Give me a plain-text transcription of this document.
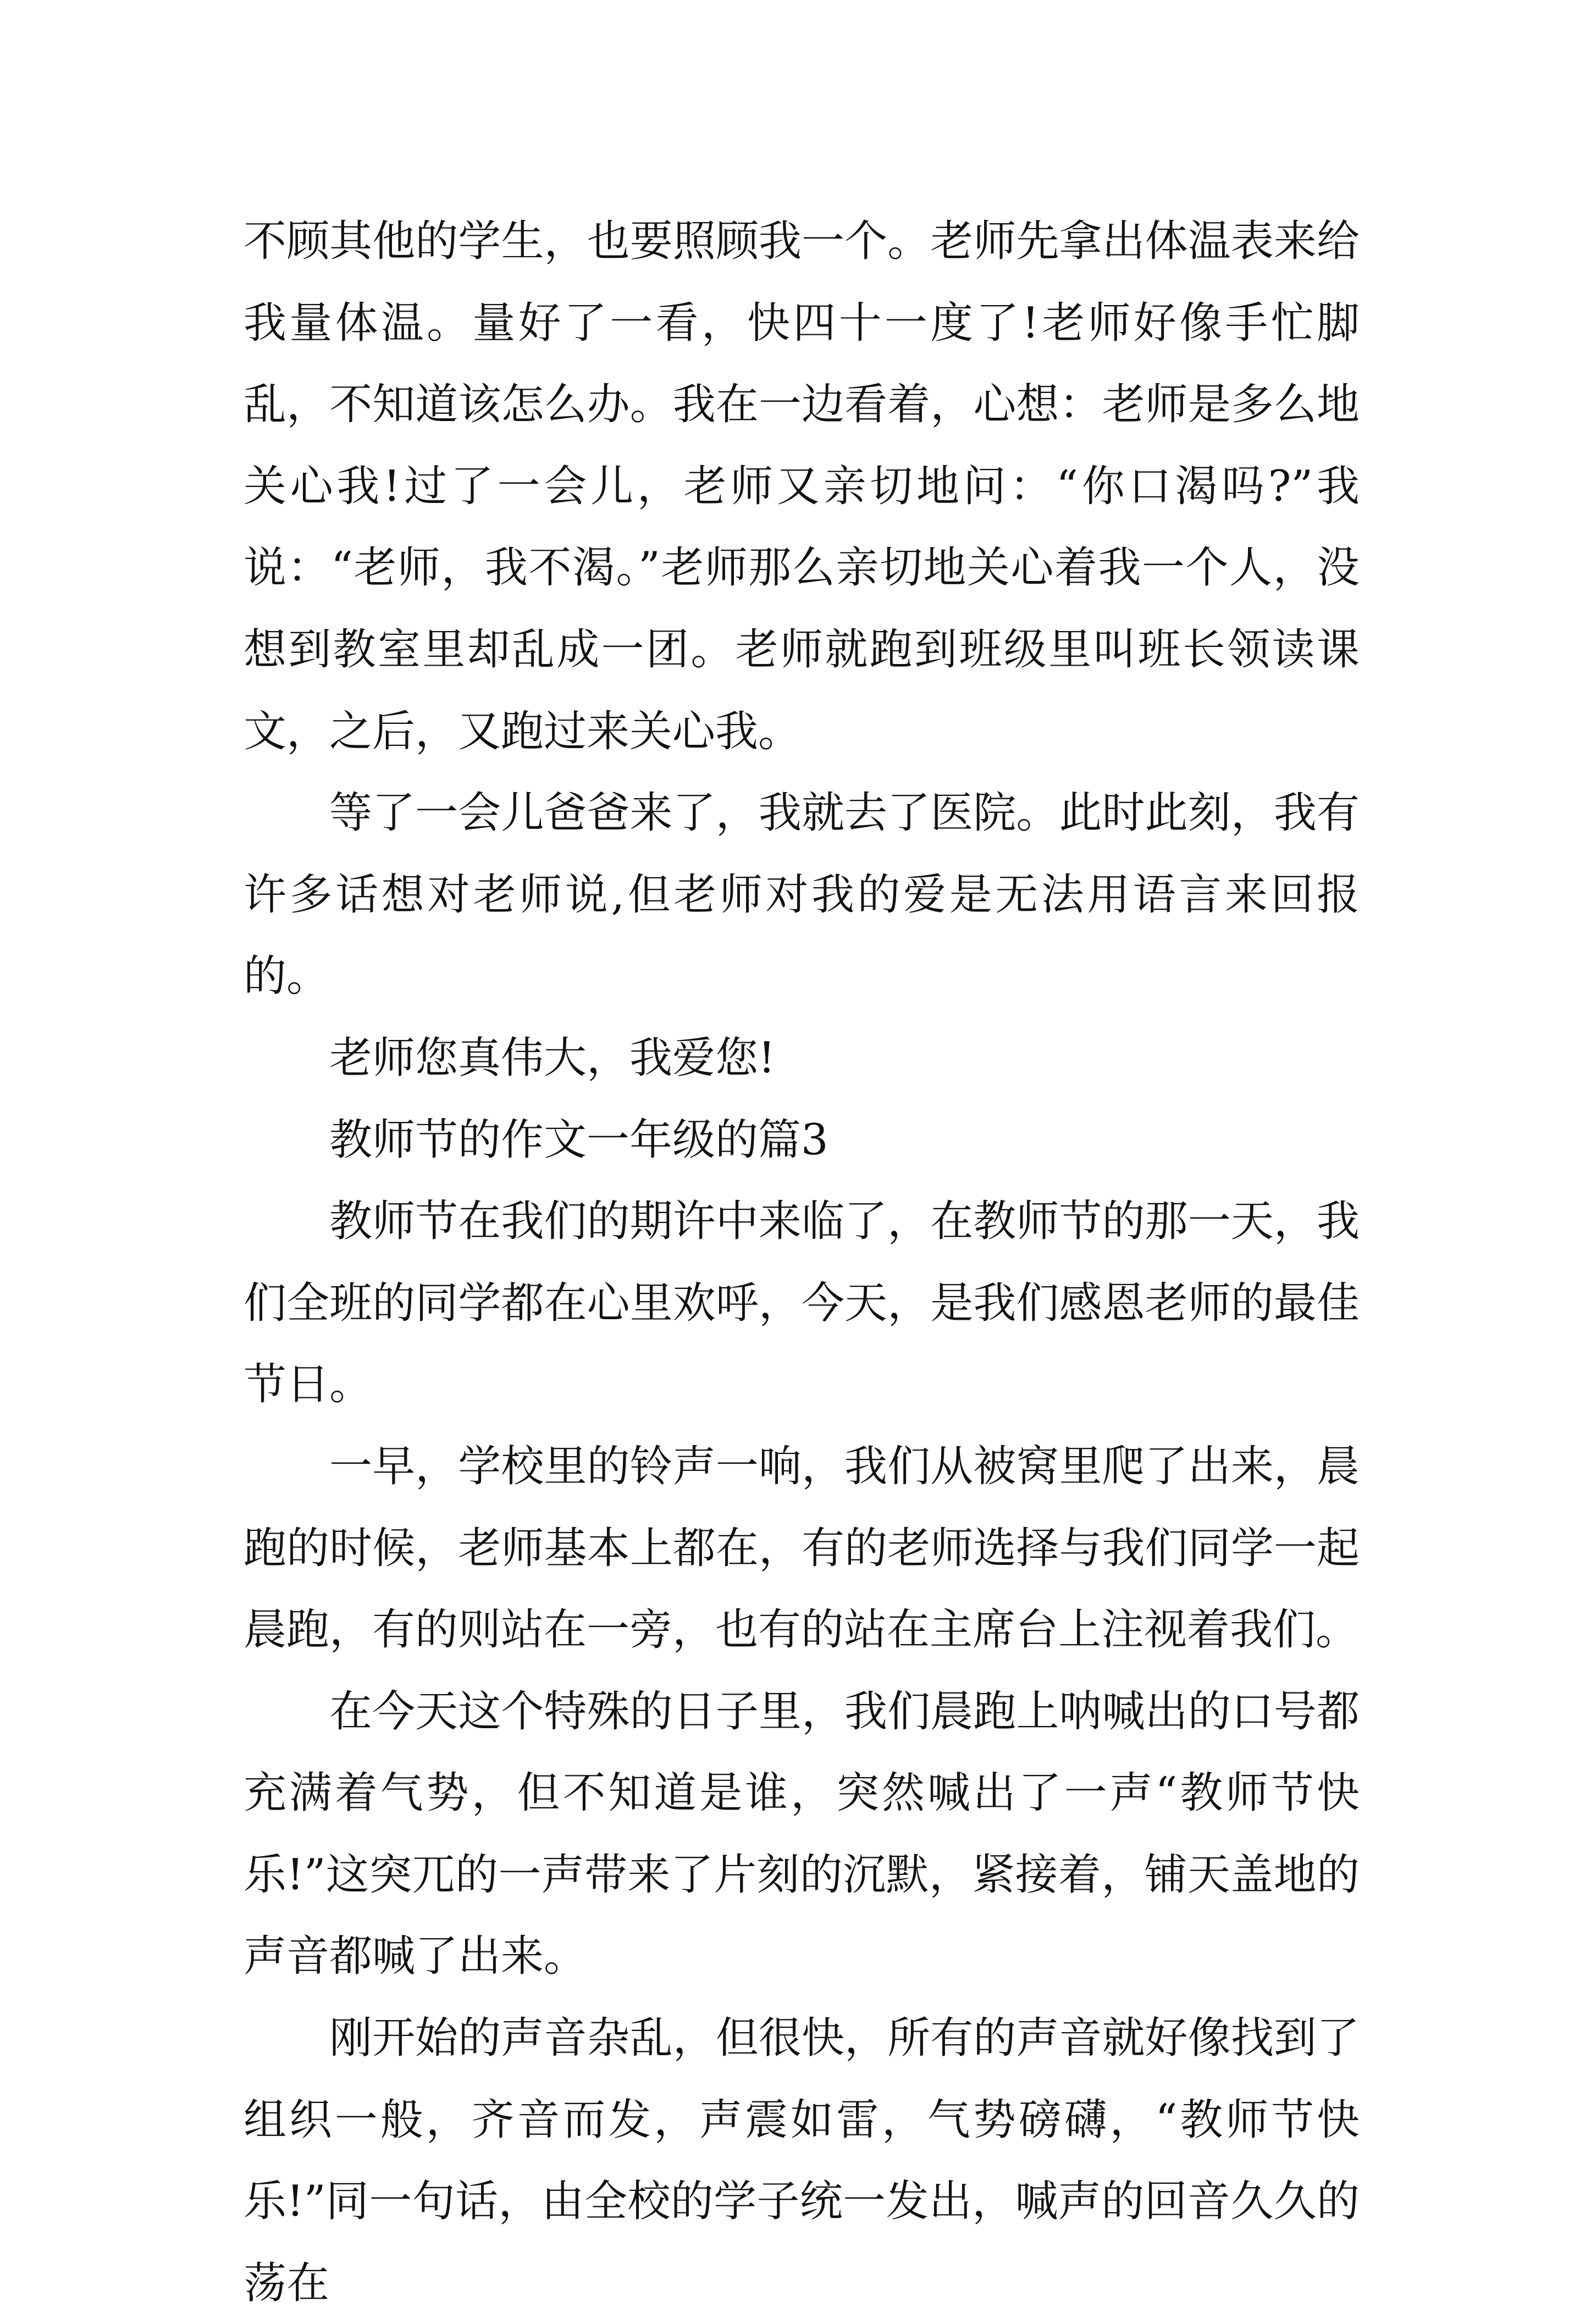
不顾其他的学生，也要照顾我一个。老师先拿出体温表来给我量体温。量好了一看，快四十一度了!老师好像手忙脚乱，不知道该怎么办。我在一边看着，心想：老师是多么地关心我!过了一会儿，老师又亲切地问：“你口渴吗?”我说：“老师，我不渴。”老师那么亲切地关心着我一个人，没想到教室里却乱成一团。老师就跑到班级里叫班长领读课文，之后，又跑过来关心我。

等了一会儿爸爸来了，我就去了医院。此时此刻，我有许多话想对老师说,但老师对我的爱是无法用语言来回报的。

老师您真伟大，我爱您!

教师节的作文一年级的篇3

教师节在我们的期许中来临了，在教师节的那一天，我们全班的同学都在心里欢呼，今天，是我们感恩老师的最佳节日。

一早，学校里的铃声一响，我们从被窝里爬了出来，晨跑的时候，老师基本上都在，有的老师选择与我们同学一起晨跑，有的则站在一旁，也有的站在主席台上注视着我们。

在今天这个特殊的日子里，我们晨跑上呐喊出的口号都充满着气势，但不知道是谁，突然喊出了一声“教师节快乐!”这突兀的一声带来了片刻的沉默，紧接着，铺天盖地的声音都喊了出来。

刚开始的声音杂乱，但很快，所有的声音就好像找到了组织一般，齐音而发，声震如雷，气势磅礴，“教师节快乐!”同一句话，由全校的学子统一发出，喊声的回音久久的荡在
